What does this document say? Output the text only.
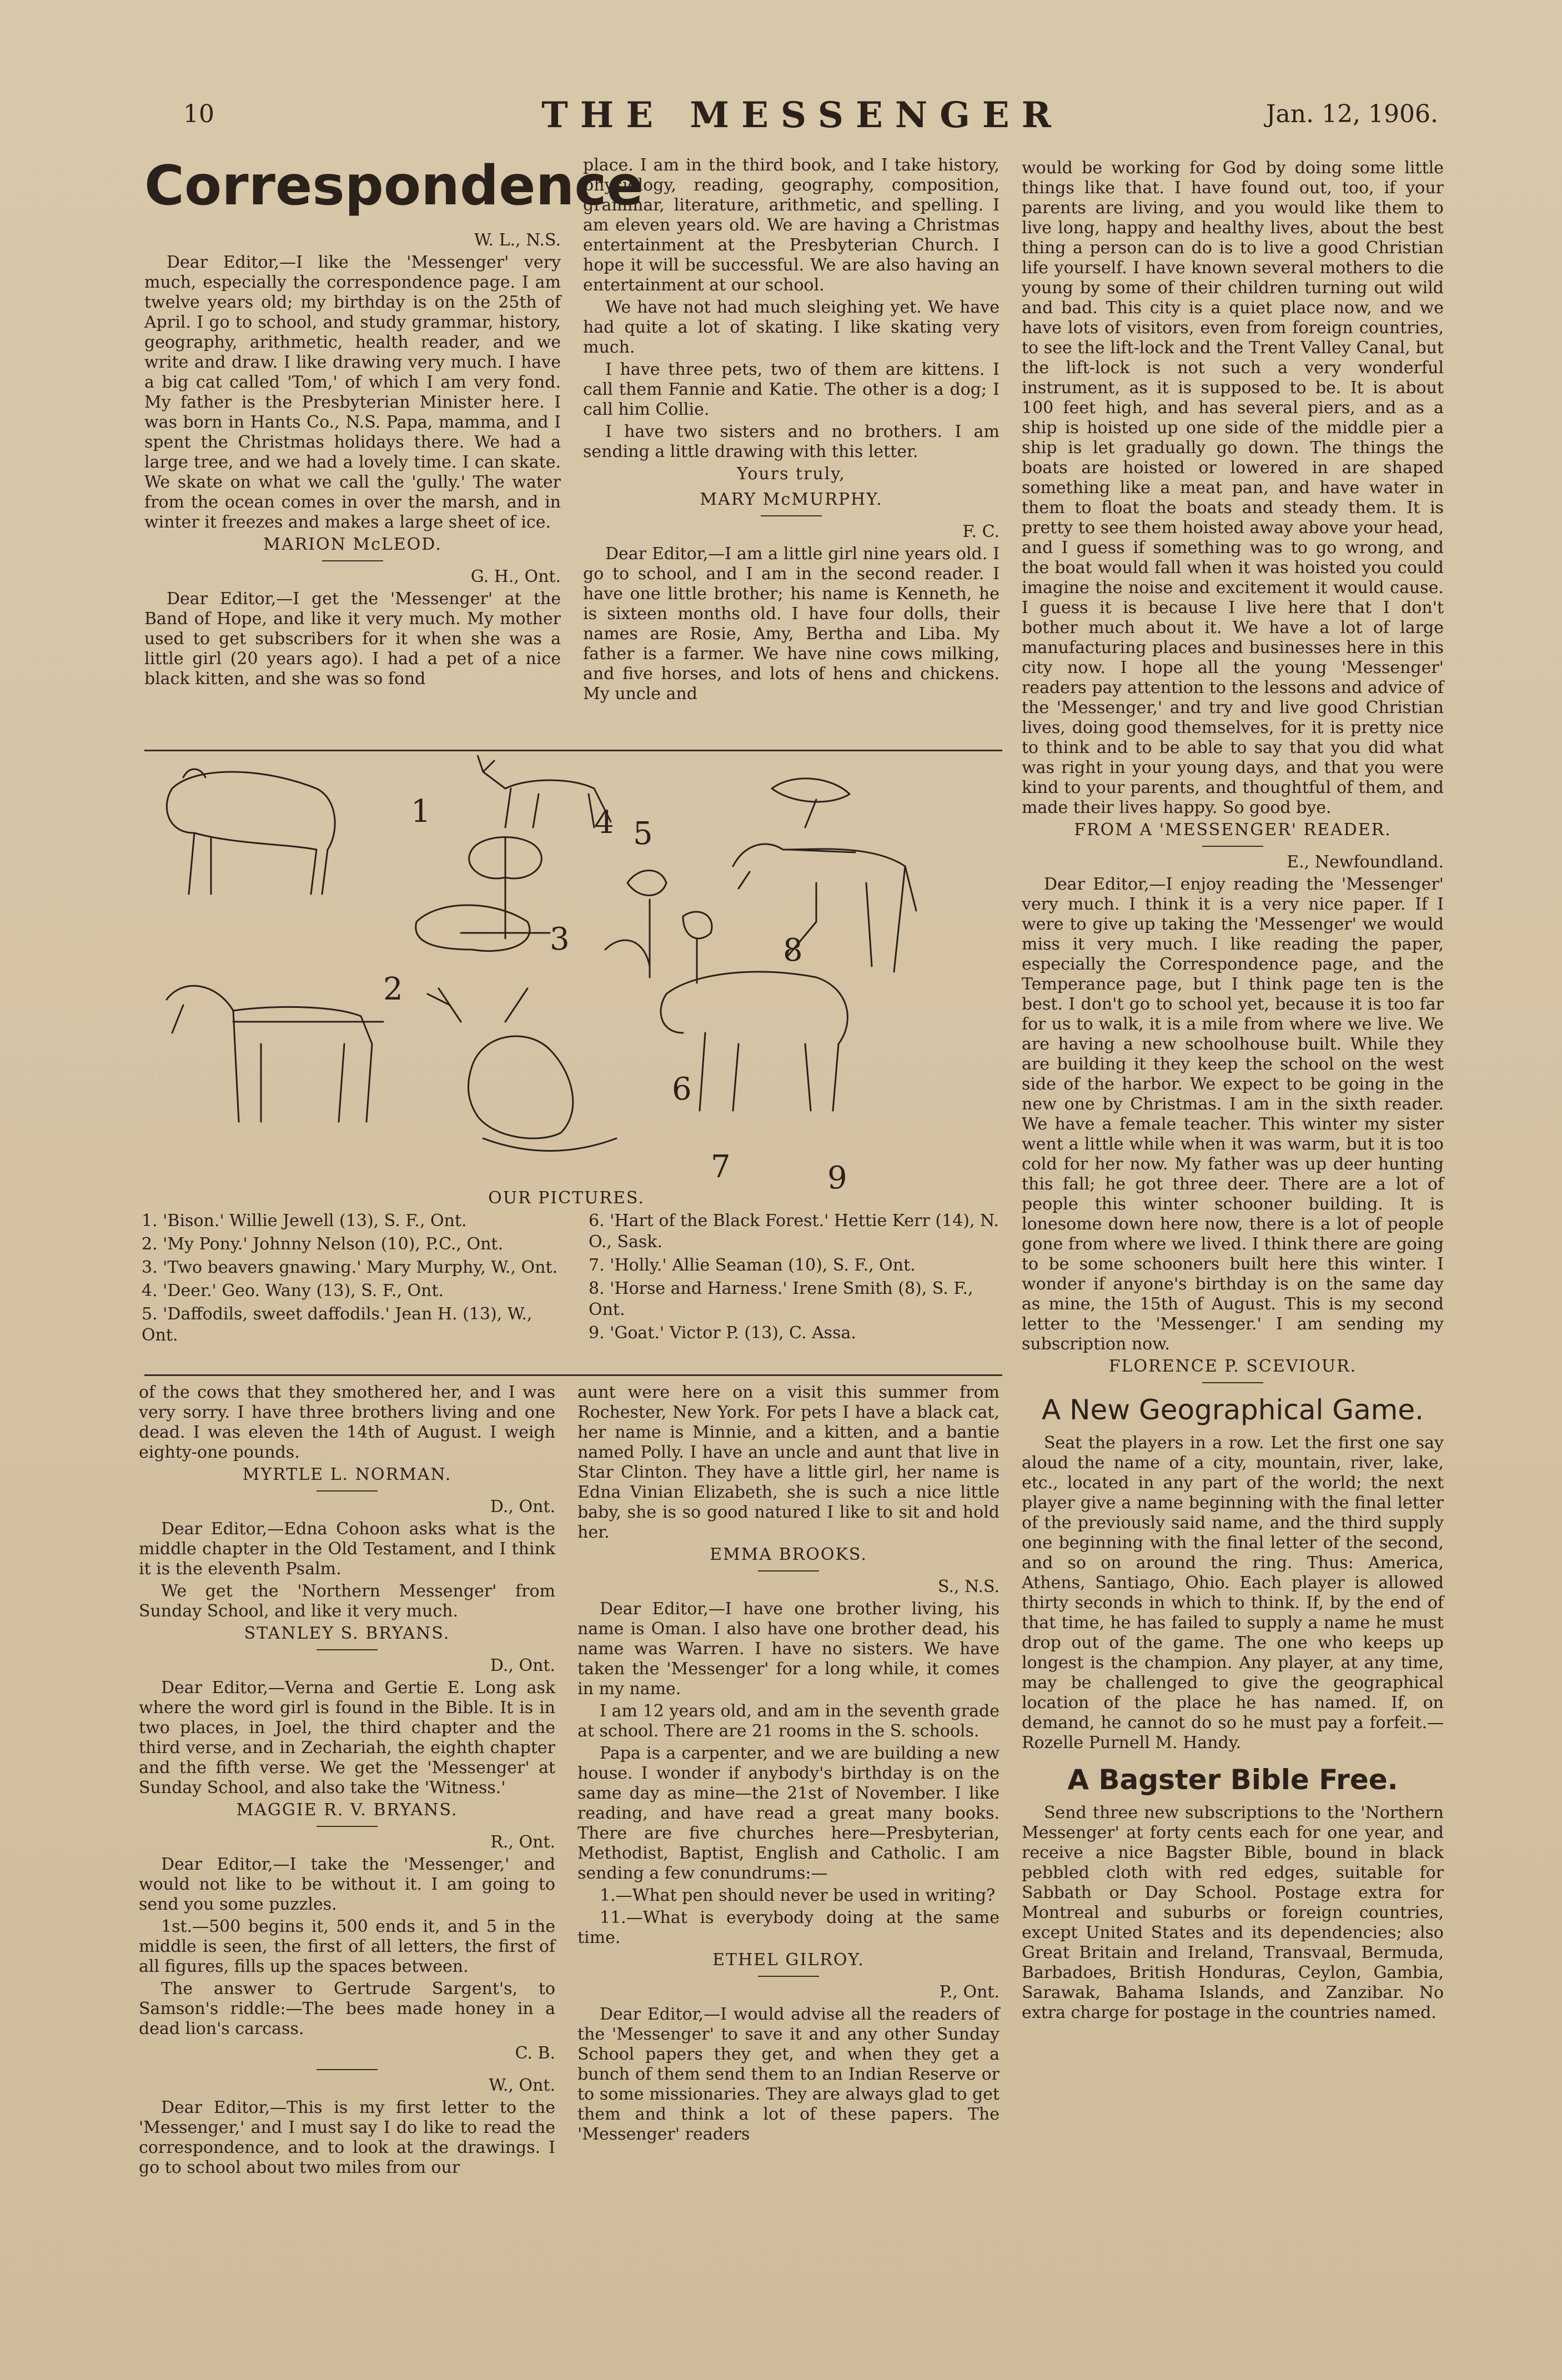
10	THE MESSENGER	Jan. 12, 1906.
Correspondence
W. L., N.S.

Dear Editor,—I like the 'Messenger' very much, especially the correspondence page. I am twelve years old; my birthday is on the 25th of April. I go to school, and study grammar, history, geography, arithmetic, health reader, and we write and draw. I like drawing very much. I have a big cat called 'Tom,' of which I am very fond. My father is the Presbyterian Minister here. I was born in Hants Co., N.S. Papa, mamma, and I spent the Christmas holidays there. We had a large tree, and we had a lovely time. I can skate. We skate on what we call the 'gully.' The water from the ocean comes in over the marsh, and in winter it freezes and makes a large sheet of ice.

MARION McLEOD.
G. H., Ont.

Dear Editor,—I get the 'Messenger' at the Band of Hope, and like it very much. My mother used to get subscribers for it when she was a little girl (20 years ago). I had a pet of a nice black kitten, and she was so fond

place. I am in the third book, and I take history, physiology, reading, geography, composition, grammar, literature, arithmetic, and spelling. I am eleven years old. We are having a Christmas entertainment at the Presbyterian Church. I hope it will be successful. We are also having an entertainment at our school.

We have not had much sleighing yet. We have had quite a lot of skating. I like skating very much.

I have three pets, two of them are kittens. I call them Fannie and Katie. The other is a dog; I call him Collie.

I have two sisters and no brothers. I am sending a little drawing with this letter.

Yours truly,
MARY McMURPHY.
F. C.

Dear Editor,—I am a little girl nine years old. I go to school, and I am in the second reader. I have one little brother; his name is Kenneth, he is sixteen months old. I have four dolls, their names are Rosie, Amy, Bertha and Liba. My father is a farmer. We have nine cows milking, and five horses, and lots of hens and chickens. My uncle and

would be working for God by doing some little things like that. I have found out, too, if your parents are living, and you would like them to live long, happy and healthy lives, about the best thing a person can do is to live a good Christian life yourself. I have known several mothers to die young by some of their children turning out wild and bad. This city is a quiet place now, and we have lots of visitors, even from foreign countries, to see the lift-lock and the Trent Valley Canal, but the lift-lock is not such a very wonderful instrument, as it is supposed to be. It is about 100 feet high, and has several piers, and as a ship is hoisted up one side of the middle pier a ship is let gradually go down. The things the boats are hoisted or lowered in are shaped something like a meat pan, and have water in them to float the boats and steady them. It is pretty to see them hoisted away above your head, and I guess if something was to go wrong, and the boat would fall when it was hoisted you could imagine the noise and excitement it would cause. I guess it is because I live here that I don't bother much about it. We have a lot of large manufacturing places and businesses here in this city now. I hope all the young 'Messenger' readers pay attention to the lessons and advice of the 'Messenger,' and try and live good Christian lives, doing good themselves, for it is pretty nice to think and to be able to say that you did what was right in your young days, and that you were kind to your parents, and thoughtful of them, and made their lives happy. So good bye.

FROM A 'MESSENGER' READER.
E., Newfoundland.

Dear Editor,—I enjoy reading the 'Messenger' very much. I think it is a very nice paper. If I were to give up taking the 'Messenger' we would miss it very much. I like reading the paper, especially the Correspondence page, and the Temperance page, but I think page ten is the best. I don't go to school yet, because it is too far for us to walk, it is a mile from where we live. We are having a new schoolhouse built. While they are building it they keep the school on the west side of the harbor. We expect to be going in the new one by Christmas. I am in the sixth reader. We have a female teacher. This winter my sister went a little while when it was warm, but it is too cold for her now. My father was up deer hunting this fall; he got three deer. There are a lot of people this winter schooner building. It is lonesome down here now, there is a lot of people gone from where we lived. I think there are going to be some schooners built here this winter. I wonder if anyone's birthday is on the same day as mine, the 15th of August. This is my second letter to the 'Messenger.' I am sending my subscription now.

FLORENCE P. SCEVIOUR.
A New Geographical Game.

Seat the players in a row. Let the first one say aloud the name of a city, mountain, river, lake, etc., located in any part of the world; the next player give a name beginning with the final letter of the previously said name, and the third supply one beginning with the final letter of the second, and so on around the ring. Thus: America, Athens, Santiago, Ohio. Each player is allowed thirty seconds in which to think. If, by the end of that time, he has failed to supply a name he must drop out of the game. The one who keeps up longest is the champion. Any player, at any time, may be challenged to give the geographical location of the place he has named. If, on demand, he cannot do so he must pay a forfeit.—Rozelle Purnell M. Handy.

A Bagster Bible Free.

Send three new subscriptions to the 'Northern Messenger' at forty cents each for one year, and receive a nice Bagster Bible, bound in black pebbled cloth with red edges, suitable for Sabbath or Day School. Postage extra for Montreal and suburbs or foreign countries, except United States and its dependencies; also Great Britain and Ireland, Transvaal, Bermuda, Barbadoes, British Honduras, Ceylon, Gambia, Sarawak, Bahama Islands, and Zanzibar. No extra charge for postage in the countries named.

1
2
3
4 5
6
7
8
9
OUR PICTURES.
1. 'Bison.' Willie Jewell (13), S. F., Ont.
2. 'My Pony.' Johnny Nelson (10), P.C., Ont.
3. 'Two beavers gnawing.' Mary Murphy, W., Ont.
4. 'Deer.' Geo. Wany (13), S. F., Ont.
5. 'Daffodils, sweet daffodils.' Jean H. (13), W., Ont.
6. 'Hart of the Black Forest.' Hettie Kerr (14), N. O., Sask.
7. 'Holly.' Allie Seaman (10), S. F., Ont.
8. 'Horse and Harness.' Irene Smith (8), S. F., Ont.
9. 'Goat.' Victor P. (13), C. Assa.

of the cows that they smothered her, and I was very sorry. I have three brothers living and one dead. I was eleven the 14th of August. I weigh eighty-one pounds.

MYRTLE L. NORMAN.
D., Ont.

Dear Editor,—Edna Cohoon asks what is the middle chapter in the Old Testament, and I think it is the eleventh Psalm.

We get the 'Northern Messenger' from Sunday School, and like it very much.

STANLEY S. BRYANS.
D., Ont.

Dear Editor,—Verna and Gertie E. Long ask where the word girl is found in the Bible. It is in two places, in Joel, the third chapter and the third verse, and in Zechariah, the eighth chapter and the fifth verse. We get the 'Messenger' at Sunday School, and also take the 'Witness.'

MAGGIE R. V. BRYANS.
R., Ont.

Dear Editor,—I take the 'Messenger,' and would not like to be without it. I am going to send you some puzzles.

1st.—500 begins it, 500 ends it, and 5 in the middle is seen, the first of all letters, the first of all figures, fills up the spaces between.

The answer to Gertrude Sargent's, to Samson's riddle:—The bees made honey in a dead lion's carcass.

C. B.
W., Ont.

Dear Editor,—This is my first letter to the 'Messenger,' and I must say I do like to read the correspondence, and to look at the drawings. I go to school about two miles from our

aunt were here on a visit this summer from Rochester, New York. For pets I have a black cat, her name is Minnie, and a kitten, and a bantie named Polly. I have an uncle and aunt that live in Star Clinton. They have a little girl, her name is Edna Vinian Elizabeth, she is such a nice little baby, she is so good natured I like to sit and hold her.

EMMA BROOKS.
S., N.S.

Dear Editor,—I have one brother living, his name is Oman. I also have one brother dead, his name was Warren. I have no sisters. We have taken the 'Messenger' for a long while, it comes in my name.

I am 12 years old, and am in the seventh grade at school. There are 21 rooms in the S. schools.

Papa is a carpenter, and we are building a new house. I wonder if anybody's birthday is on the same day as mine—the 21st of November. I like reading, and have read a great many books. There are five churches here—Presbyterian, Methodist, Baptist, English and Catholic. I am sending a few conundrums:—

1.—What pen should never be used in writing?

11.—What is everybody doing at the same time.

ETHEL GILROY.
P., Ont.

Dear Editor,—I would advise all the readers of the 'Messenger' to save it and any other Sunday School papers they get, and when they get a bunch of them send them to an Indian Reserve or to some missionaries. They are always glad to get them and think a lot of these papers. The 'Messenger' readers
